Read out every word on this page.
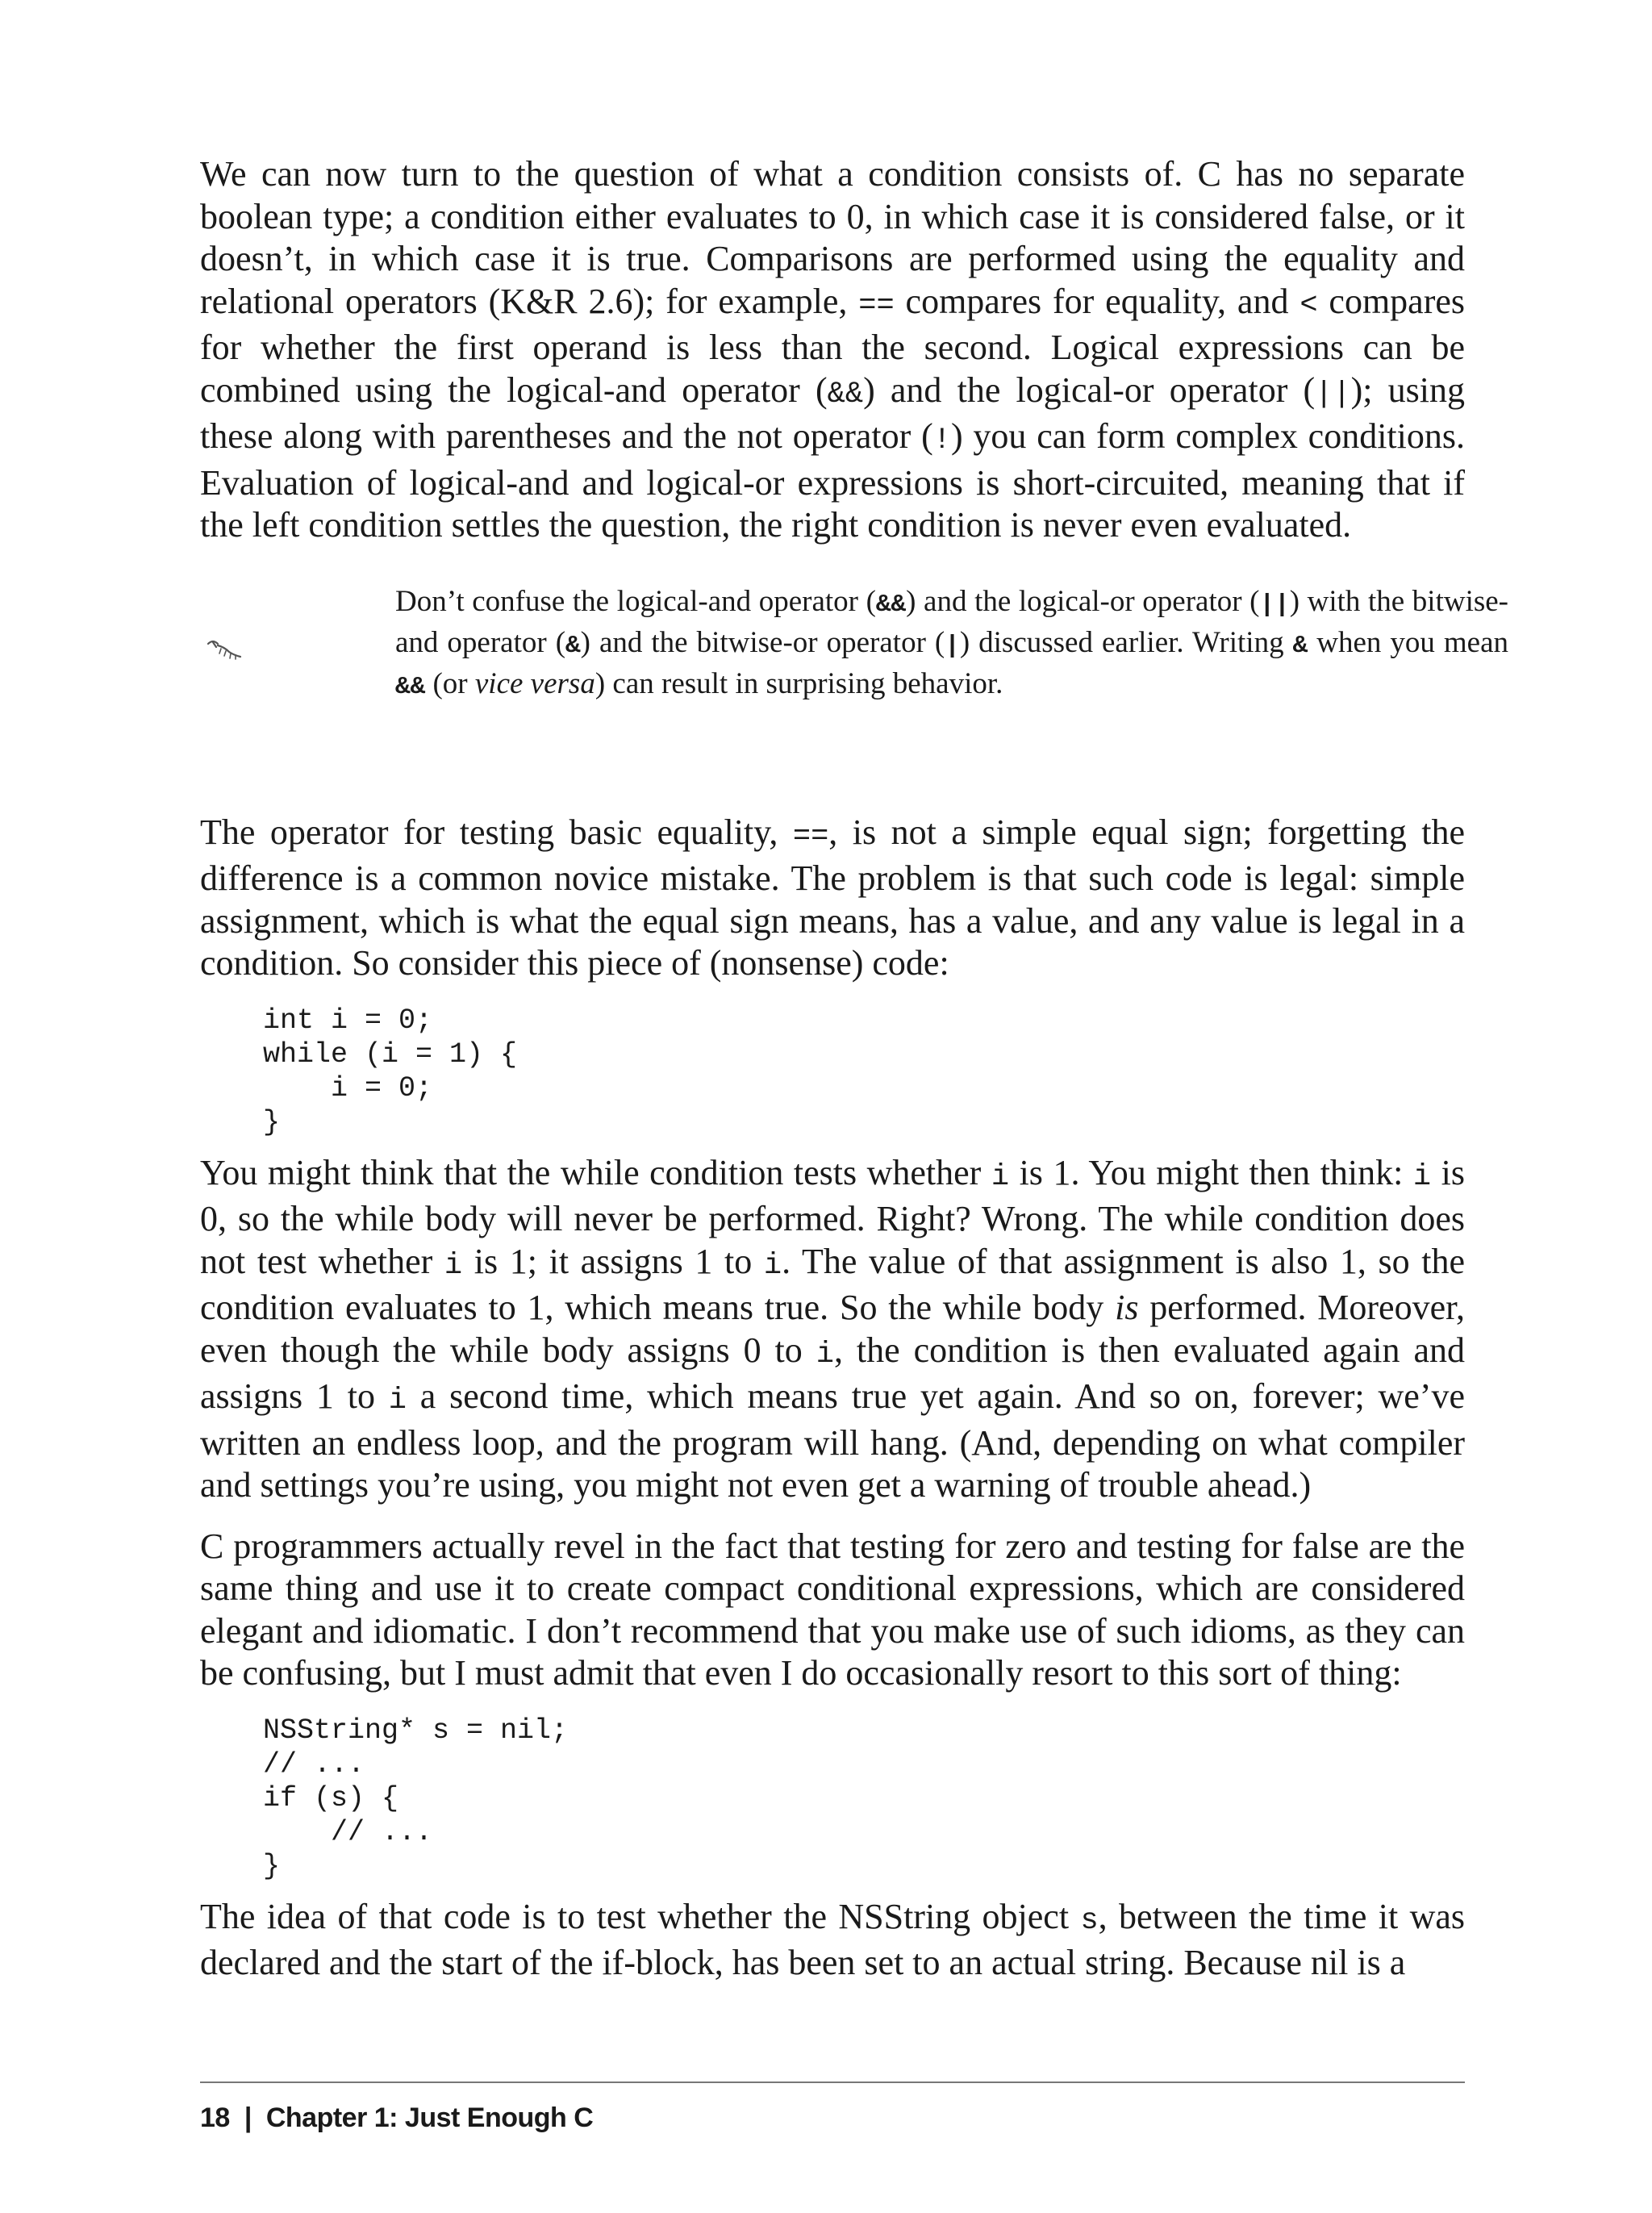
We can now turn to the question of what a condition consists of. C has no separate boolean type; a condition either evaluates to 0, in which case it is considered false, or it doesn’t, in which case it is true. Comparisons are performed using the equality and relational operators (K&R 2.6); for example, == compares for equality, and < compares for whether the first operand is less than the second. Logical expressions can be combined using the logical-and operator (&&) and the logical-or operator (||); using these along with parentheses and the not operator (!) you can form complex conditions. Evaluation of logical-and and logical-or expressions is short-circuited, meaning that if the left condition settles the question, the right condition is never even evaluated.

Don’t confuse the logical-and operator (&&) and the logical-or operator (||) with the bitwise-and operator (&) and the bitwise-or operator (|) discussed earlier. Writing & when you mean && (or vice versa) can result in surprising behavior.

The operator for testing basic equality, ==, is not a simple equal sign; forgetting the difference is a common novice mistake. The problem is that such code is legal: simple assignment, which is what the equal sign means, has a value, and any value is legal in a condition. So consider this piece of (nonsense) code:

int i = 0;
while (i = 1) {
i = 0;
}

You might think that the while condition tests whether i is 1. You might then think: i is 0, so the while body will never be performed. Right? Wrong. The while condition does not test whether i is 1; it assigns 1 to i. The value of that assignment is also 1, so the condition evaluates to 1, which means true. So the while body is performed. Moreover, even though the while body assigns 0 to i, the condition is then evaluated again and assigns 1 to i a second time, which means true yet again. And so on, forever; we’ve written an endless loop, and the program will hang. (And, depending on what compiler and settings you’re using, you might not even get a warning of trouble ahead.)

C programmers actually revel in the fact that testing for zero and testing for false are the same thing and use it to create compact conditional expressions, which are considered elegant and idiomatic. I don’t recommend that you make use of such idioms, as they can be confusing, but I must admit that even I do occasionally resort to this sort of thing:

NSString* s = nil;
// ...
if (s) {
// ...
}

The idea of that code is to test whether the NSString object s, between the time it was declared and the start of the if-block, has been set to an actual string. Because nil is a

18 | Chapter 1: Just Enough C
